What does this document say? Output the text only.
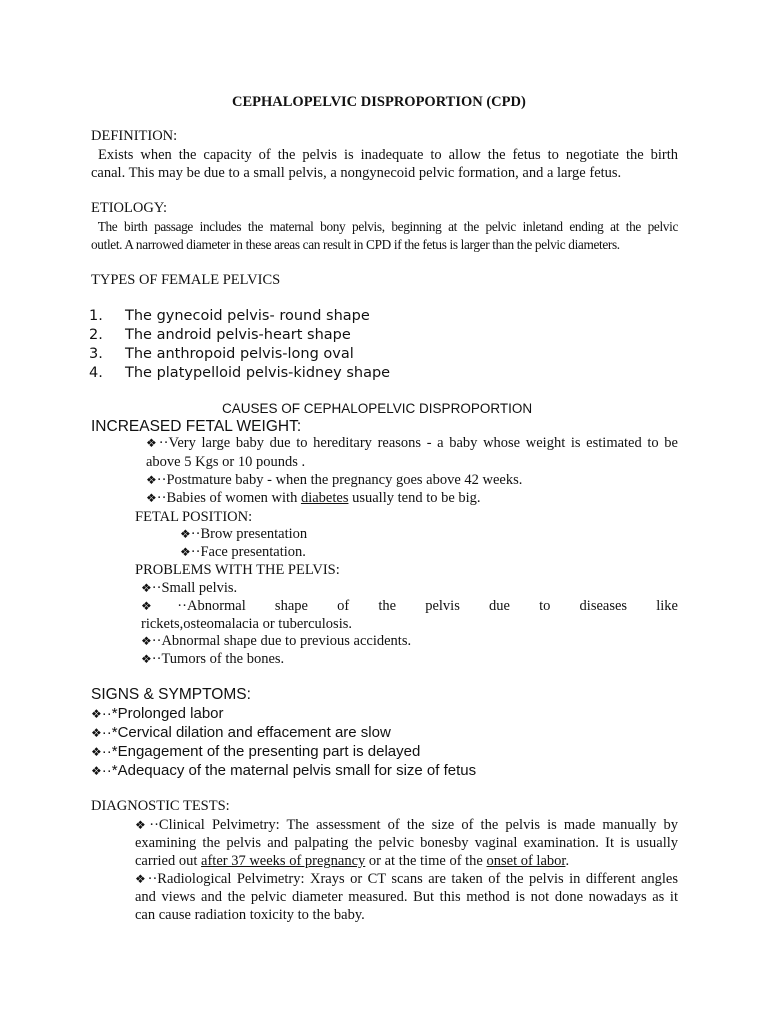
CEPHALOPELVIC DISPROPORTION (CPD)
DEFINITION:
Exists when the capacity of the pelvis is inadequate to allow the fetus to negotiate the birth
canal. This may be due to a small pelvis, a nongynecoid pelvic formation, and a large fetus.
ETIOLOGY:
The birth passage includes the maternal bony pelvis, beginning at the pelvic inletand ending at the pelvic
outlet. A narrowed diameter in these areas can result in CPD if the fetus is larger than the pelvic diameters.
TYPES OF FEMALE PELVICS
1. The gynecoid pelvis- round shape
2. The android pelvis-heart shape
3. The anthropoid pelvis-long oval
4. The platypelloid pelvis-kidney shape
CAUSES OF CEPHALOPELVIC DISPROPORTION
INCREASED FETAL WEIGHT:
❖··Very large baby due to hereditary reasons - a baby whose weight is estimated to be
above 5 Kgs or 10 pounds .
❖··Postmature baby - when the pregnancy goes above 42 weeks.
❖··Babies of women with diabetes usually tend to be big.
FETAL POSITION:
❖··Brow presentation
❖··Face presentation.
PROBLEMS WITH THE PELVIS:
❖··Small pelvis.
❖··Abnormal shape of the pelvis due to diseases like
rickets,osteomalacia or tuberculosis.
❖··Abnormal shape due to previous accidents.
❖··Tumors of the bones.
SIGNS & SYMPTOMS:
❖··*Prolonged labor
❖··*Cervical dilation and effacement are slow
❖··*Engagement of the presenting part is delayed
❖··*Adequacy of the maternal pelvis small for size of fetus
DIAGNOSTIC TESTS:
❖··Clinical Pelvimetry: The assessment of the size of the pelvis is made manually by
examining the pelvis and palpating the pelvic bonesby vaginal examination. It is usually
carried out after 37 weeks of pregnancy or at the time of the onset of labor.
❖··Radiological Pelvimetry: Xrays or CT scans are taken of the pelvis in different angles
and views and the pelvic diameter measured. But this method is not done nowadays as it
can cause radiation toxicity to the baby.
